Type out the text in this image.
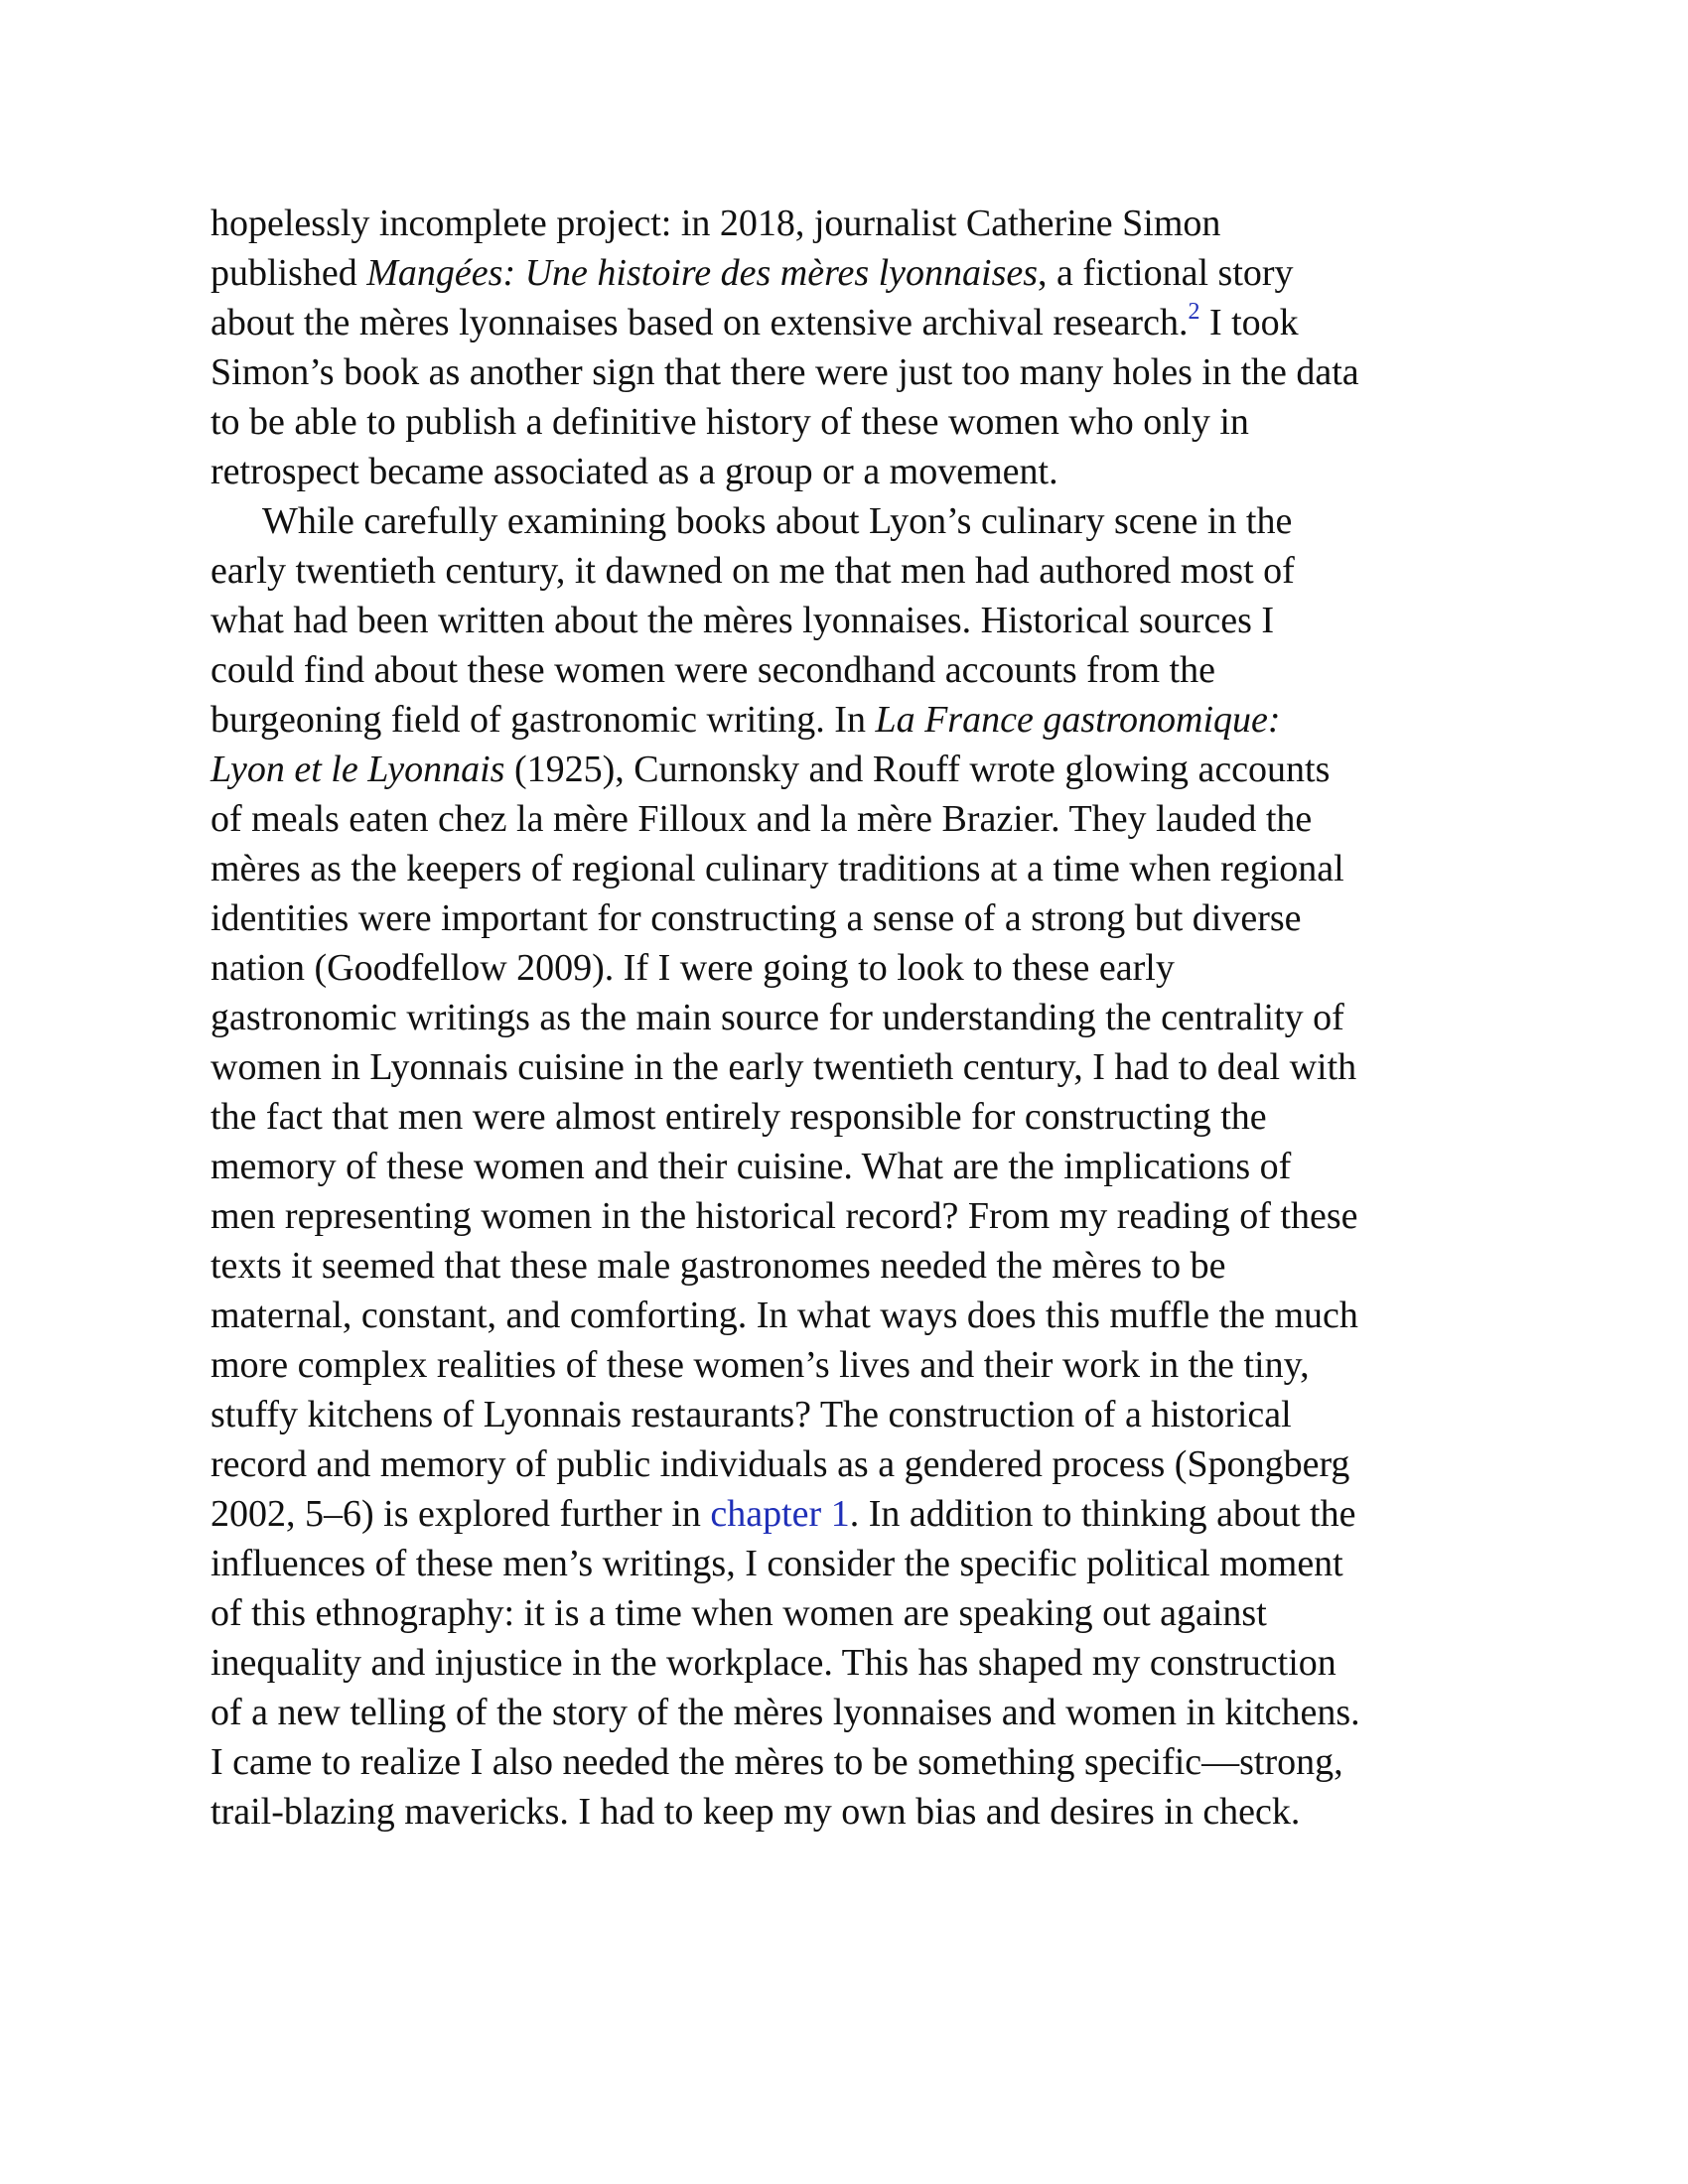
hopelessly incomplete project: in 2018, journalist Catherine Simon
published Mangées: Une histoire des mères lyonnaises, a fictional story
about the mères lyonnaises based on extensive archival research.$^2$ I took
Simon’s book as another sign that there were just too many holes in the data
to be able to publish a definitive history of these women who only in
retrospect became associated as a group or a movement.
While carefully examining books about Lyon’s culinary scene in the
early twentieth century, it dawned on me that men had authored most of
what had been written about the mères lyonnaises. Historical sources I
could find about these women were secondhand accounts from the
burgeoning field of gastronomic writing. In La France gastronomique:
Lyon et le Lyonnais (1925), Curnonsky and Rouff wrote glowing accounts
of meals eaten chez la mère Filloux and la mère Brazier. They lauded the
mères as the keepers of regional culinary traditions at a time when regional
identities were important for constructing a sense of a strong but diverse
nation (Goodfellow 2009). If I were going to look to these early
gastronomic writings as the main source for understanding the centrality of
women in Lyonnais cuisine in the early twentieth century, I had to deal with
the fact that men were almost entirely responsible for constructing the
memory of these women and their cuisine. What are the implications of
men representing women in the historical record? From my reading of these
texts it seemed that these male gastronomes needed the mères to be
maternal, constant, and comforting. In what ways does this muffle the much
more complex realities of these women’s lives and their work in the tiny,
stuffy kitchens of Lyonnais restaurants? The construction of a historical
record and memory of public individuals as a gendered process (Spongberg
2002, 5–6) is explored further in chapter 1. In addition to thinking about the
influences of these men’s writings, I consider the specific political moment
of this ethnography: it is a time when women are speaking out against
inequality and injustice in the workplace. This has shaped my construction
of a new telling of the story of the mères lyonnaises and women in kitchens.
I came to realize I also needed the mères to be something specific—strong,
trail-blazing mavericks. I had to keep my own bias and desires in check.
